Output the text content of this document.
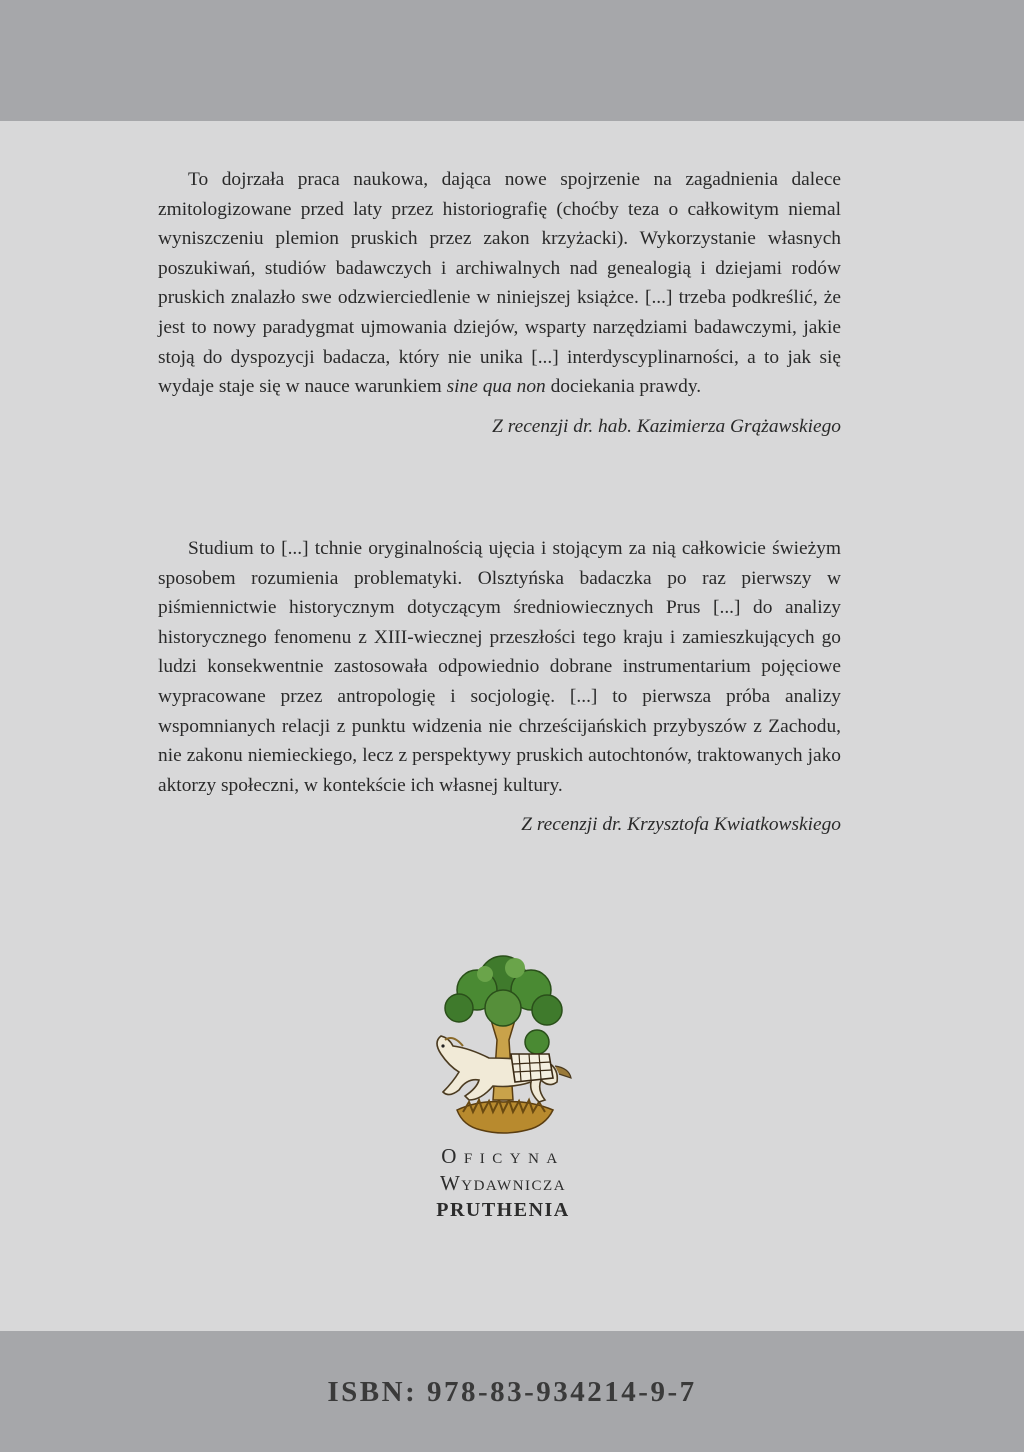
To dojrzała praca naukowa, dająca nowe spojrzenie na zagadnienia dalece zmitologizowane przed laty przez historiografię (choćby teza o całkowitym niemal wyniszczeniu plemion pruskich przez zakon krzyżacki). Wykorzystanie własnych poszukiwań, studiów badawczych i archiwalnych nad genealogią i dziejami rodów pruskich znalazło swe odzwierciedlenie w niniejszej książce. [...] trzeba podkreślić, że jest to nowy paradygmat ujmowania dziejów, wsparty narzędziami badawczymi, jakie stoją do dyspozycji badacza, który nie unika [...] interdyscyplinarności, a to jak się wydaje staje się w nauce warunkiem sine qua non dociekania prawdy.

Z recenzji dr. hab. Kazimierza Grążawskiego

Studium to [...] tchnie oryginalnością ujęcia i stojącym za nią całkowicie świeżym sposobem rozumienia problematyki. Olsztyńska badaczka po raz pierwszy w piśmiennictwie historycznym dotyczącym średniowiecznych Prus [...] do analizy historycznego fenomenu z XIII-wiecznej przeszłości tego kraju i zamieszkujących go ludzi konsekwentnie zastosowała odpowiednio dobrane instrumentarium pojęciowe wypracowane przez antropologię i socjologię. [...] to pierwsza próba analizy wspomnianych relacji z punktu widzenia nie chrześcijańskich przybyszów z Zachodu, nie zakonu niemieckiego, lecz z perspektywy pruskich autochtonów, traktowanych jako aktorzy społeczni, w kontekście ich własnej kultury.

Z recenzji dr. Krzysztofa Kwiatkowskiego

Oficyna
Wydawnicza
PRUTHENIA
ISBN: 978-83-934214-9-7
